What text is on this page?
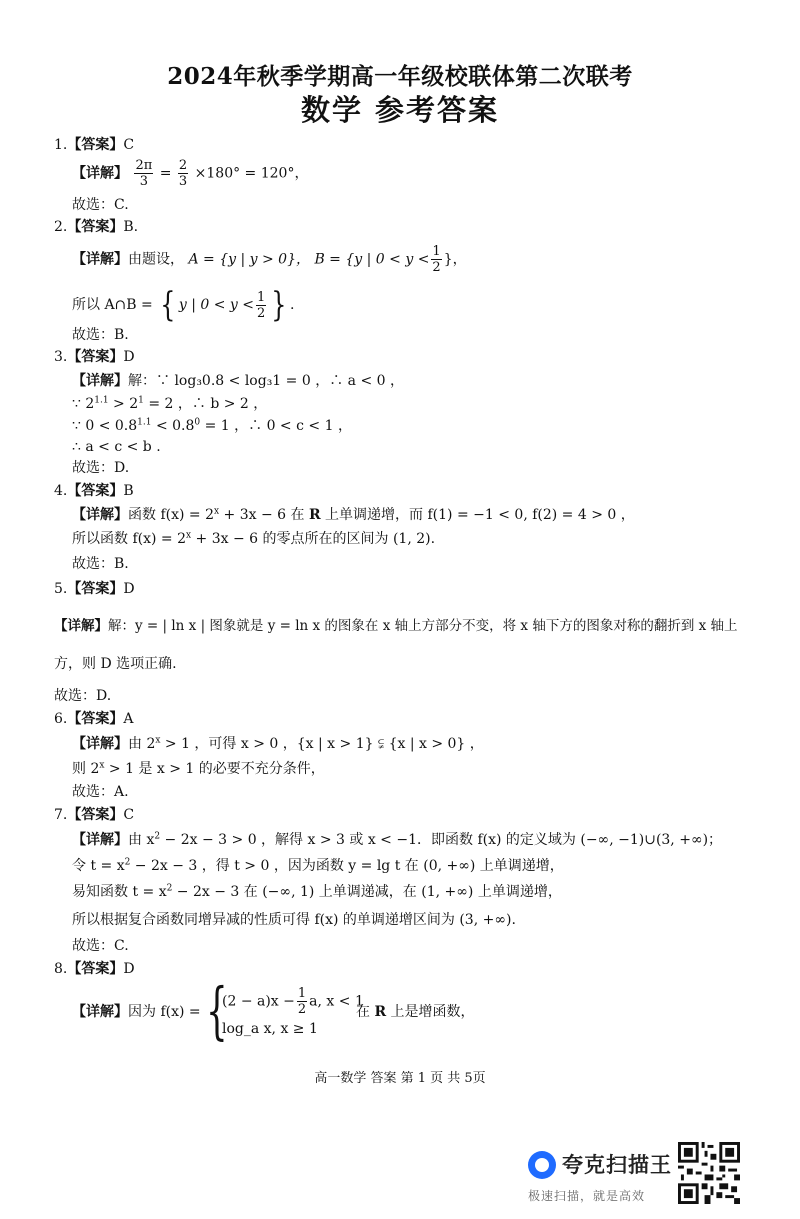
2024年秋季学期高一年级校联体第二次联考
数学 参考答案
1.【答案】C
【详解】 $\frac{2\pi}{3} = \frac{2}{3} \times 180^\circ = 120^\circ$，
故选：C.
2.【答案】B.
【详解】由题设， A = {y | y > 0}， B = {y | $0 < y < \frac{1}{2}$ }，
所以 A∩B = { y | $0 < y < \frac{1}{2}$ } .
故选：B.
3.【答案】D
【详解】解：∵ log₃0.8 < log₃1 = 0 ，∴ a < 0 ，
∵ $2^{1.1} > 2^1 = 2$ ，∴ b > 2 ，
∵ $0 < 0.8^{1.1} < 0.8^0 = 1$ ，∴ 0 < c < 1 ，
∴ a < c < b .
故选：D.
4.【答案】B
【详解】函数 $f(x) = 2^x + 3x - 6$ 在 R 上单调递增，而 f(1) = −1 < 0, f(2) = 4 > 0 ，
所以函数 $f(x) = 2^x + 3x - 6$ 的零点所在的区间为 (1, 2).
故选：B.
5.【答案】D
【详解】解：y = | ln x | 图象就是 y = ln x 的图象在 x 轴上方部分不变，将 x 轴下方的图象对称的翻折到 x 轴上
方，则 D 选项正确.
故选：D.
6.【答案】A
【详解】由 $2^x > 1$ ，可得 x > 0 ，{x | x > 1} ⫋ {x | x > 0} ，
则 $2^x > 1$ 是 x > 1 的必要不充分条件，
故选：A.
7.【答案】C
【详解】由 $x^2 - 2x - 3 > 0$ ，解得 x > 3 或 x < −1．即函数 f(x) 的定义域为 (−∞, −1)∪(3, +∞)；
令 $t = x^2 - 2x - 3$ ，得 t > 0 ，因为函数 y = lg t 在 (0, +∞) 上单调递增，
易知函数 $t = x^2 - 2x - 3$ 在 (−∞, 1) 上单调递减，在 (1, +∞) 上单调递增，
所以根据复合函数同增异减的性质可得 f(x) 的单调递增区间为 (3, +∞).
故选：C.
8.【答案】D
【详解】因为 f(x) = {
$(2 - a)x - \frac{1}{2} a$, x < 1
log_a x, x ≥ 1
在 R 上是增函数，
高一数学 答案 第 1 页 共 5页
夸克扫描王
极速扫描，就是高效
